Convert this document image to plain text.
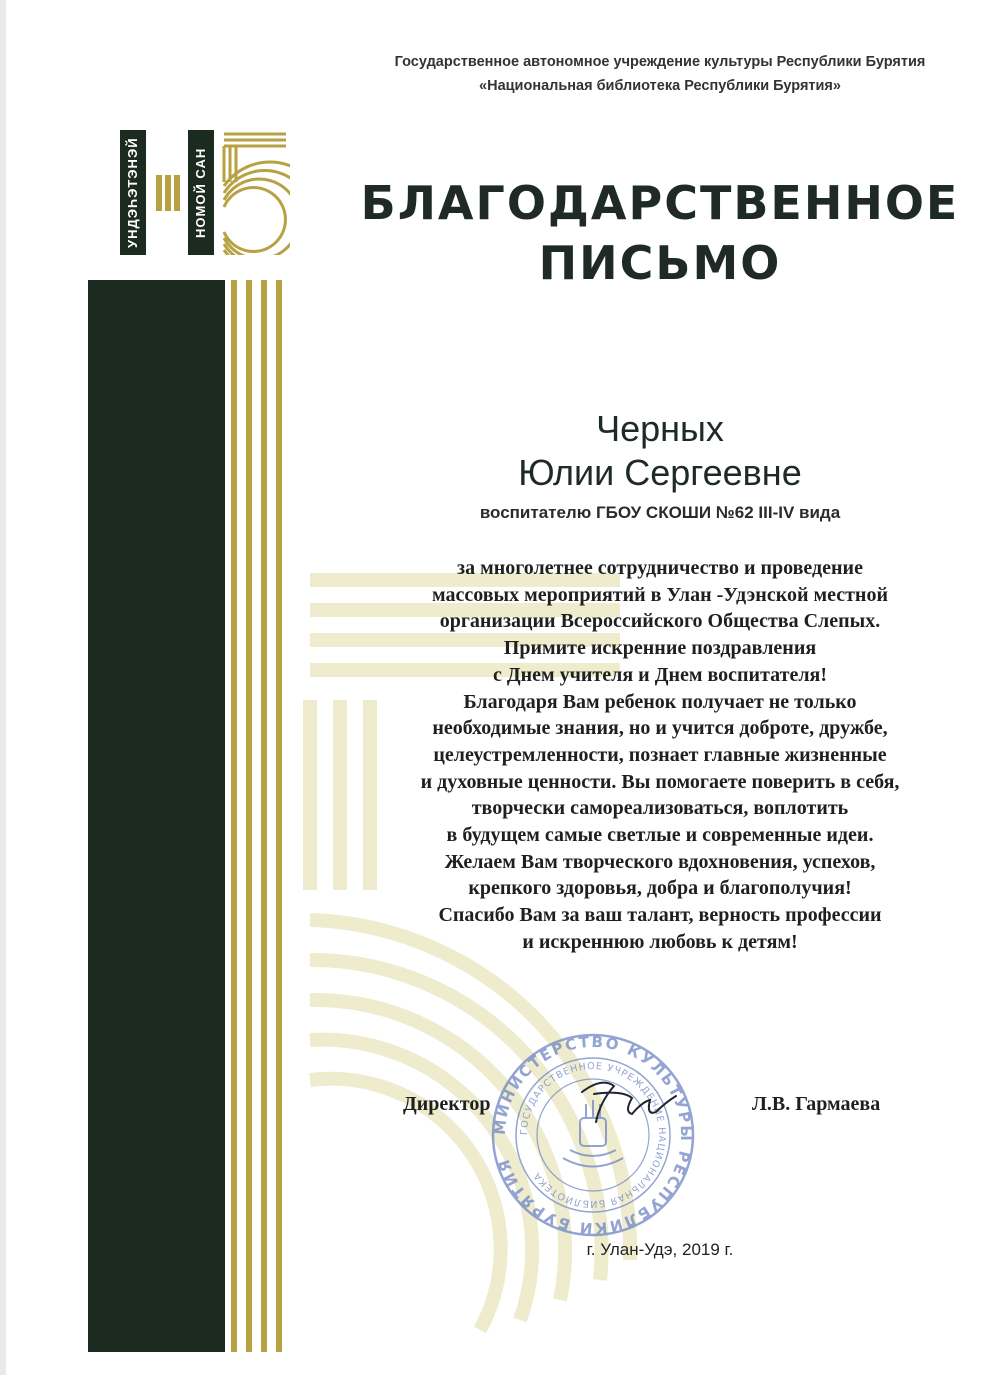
УНДЭҺЭТЭНЭЙ	НОМОЙ САН
Государственное автономное учреждение культуры Республики Бурятия
«Национальная библиотека Республики Бурятия»
БЛАГОДАРСТВЕННОЕ
ПИСЬМО
Черных
Юлии Сергеевне
воспитателю ГБОУ СКОШИ №62 III-IV вида
за многолетнее сотрудничество и проведение
массовых мероприятий в Улан -Удэнской местной
организации Всероссийского Общества Слепых.
Примите искренние поздравления
с Днем учителя и Днем воспитателя!
Благодаря Вам ребенок получает не только
необходимые знания, но и учится доброте, дружбе,
целеустремленности, познает главные жизненные
и духовные ценности. Вы помогаете поверить в себя,
творчески самореализоваться, воплотить
в будущем самые светлые и современные идеи.
Желаем Вам творческого вдохновения, успехов,
крепкого здоровья, добра и благополучия!
Спасибо Вам за ваш талант, верность профессии
и искреннюю любовь к детям!
МИНИСТЕРСТВО КУЛЬТУРЫ РЕСПУБЛИКИ БУРЯТИЯ
ГОСУДАРСТВЕННОЕ УЧРЕЖДЕНИЕ НАЦИОНАЛЬНАЯ БИБЛИОТЕКА
Директор	Л.В. Гармаева
г. Улан-Удэ, 2019 г.
